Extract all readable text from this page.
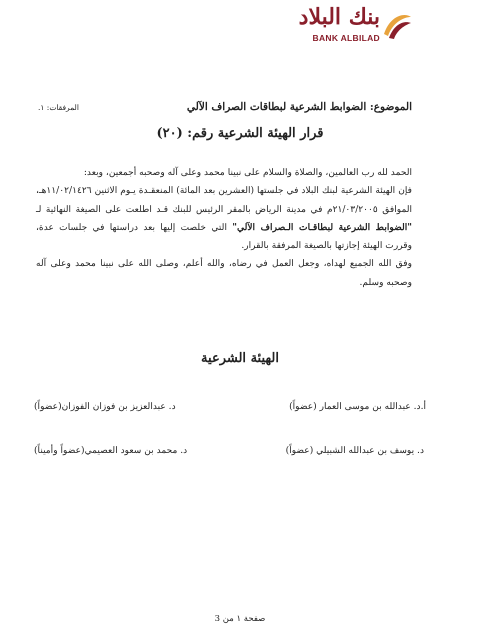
بنك البلاد
BANK ALBILAD
الموضوع: الضوابط الشرعية لبطاقات الصراف الآلي
المرفقات: ١.
قرار الهيئة الشرعية رقم: (٢٠)

الحمد لله رب العالمين، والصلاة والسلام على نبينا محمد وعلى آله وصحبه أجمعين، وبعد:

فإن الهيئة الشرعية لبنك البلاد في جلستها (العشرين بعد المائة) المنعقـدة يـوم الاثنين ١١/٠٢/١٤٢٦هـ، الموافق ٢١/٠٣/٢٠٠٥م في مدينة الرياض بالمقر الرئيس للبنك قـد اطلعت على الصيغة النهائية لـ "الضوابط الشرعية لبطاقـات الـصراف الآلي" التي خلصت إليها بعد دراستها في جلسات عدة، وقررت الهيئة إجازتها بالصيغة المرفقة بالقرار.

وفق الله الجميع لهداه، وجعل العمل في رضاه، والله أعلم، وصلى الله على نبينا محمد وعلى آله وصحبه وسلم.

الهيئة الشرعية
أ.د. عبدالله بن موسى العمار (عضواً)
د. عبدالعزيز بن فوزان الفوزان(عضواً)
د. يوسف بن عبدالله الشبيلي (عضواً)
د. محمد بن سعود العصيمي(عضواً وأميناً)
صفحة ١ من 3
